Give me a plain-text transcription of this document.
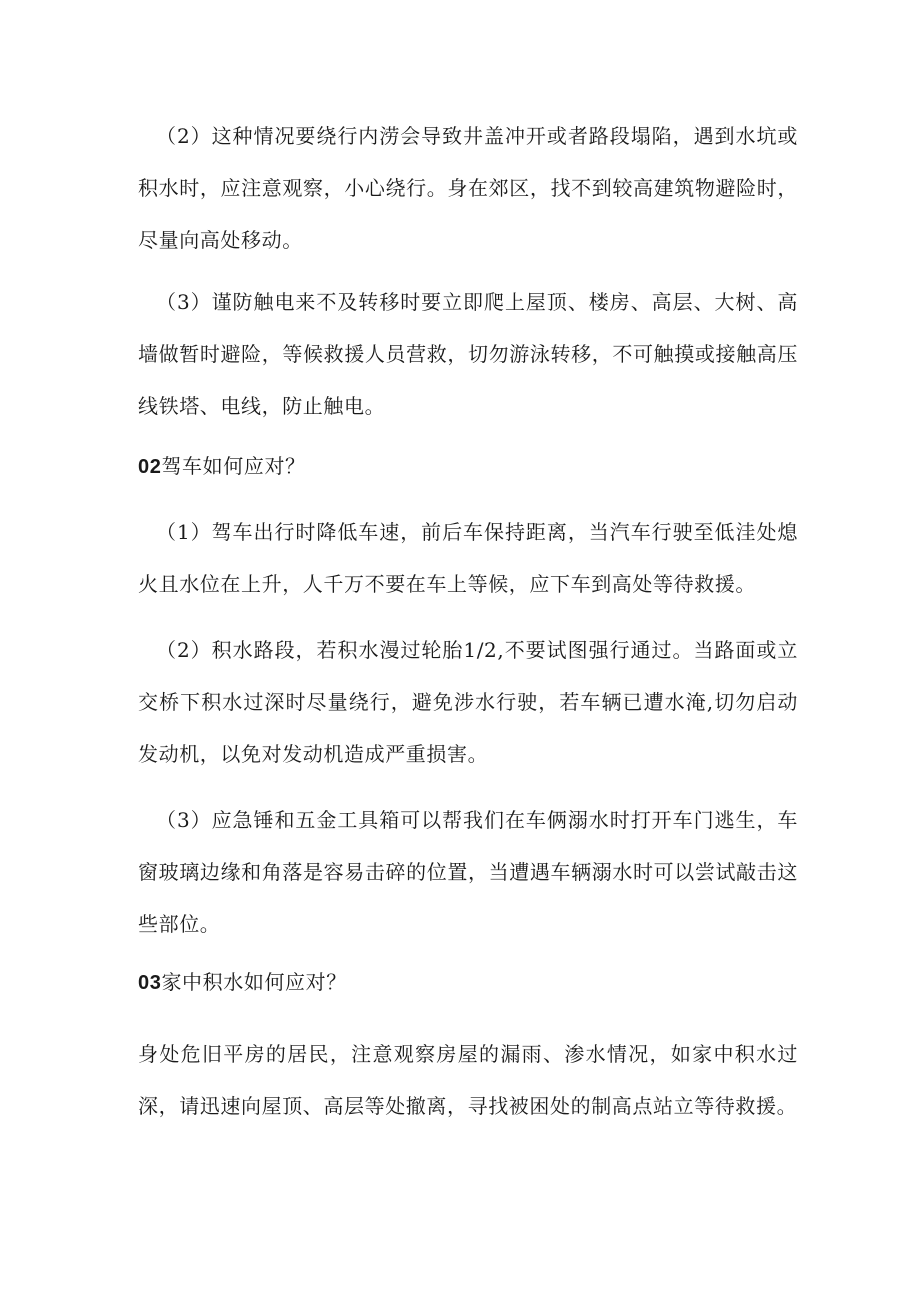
（2）这种情况要绕行内涝会导致井盖冲开或者路段塌陷，遇到水坑或积水时，应注意观察，小心绕行。身在郊区，找不到较高建筑物避险时，尽量向高处移动。

（3）谨防触电来不及转移时要立即爬上屋顶、楼房、高层、大树、高墙做暂时避险，等候救援人员营救，切勿游泳转移，不可触摸或接触高压线铁塔、电线，防止触电。

02驾车如何应对？

（1）驾车出行时降低车速，前后车保持距离，当汽车行驶至低洼处熄火且水位在上升，人千万不要在车上等候，应下车到高处等待救援。

（2）积水路段，若积水漫过轮胎1/2,不要试图强行通过。当路面或立交桥下积水过深时尽量绕行，避免涉水行驶，若车辆已遭水淹,切勿启动发动机，以免对发动机造成严重损害。

（3）应急锤和五金工具箱可以帮我们在车俩溺水时打开车门逃生，车窗玻璃边缘和角落是容易击碎的位置，当遭遇车辆溺水时可以尝试敲击这些部位。

03家中积水如何应对？

身处危旧平房的居民，注意观察房屋的漏雨、渗水情况，如家中积水过深，请迅速向屋顶、高层等处撤离，寻找被困处的制高点站立等待救援。
